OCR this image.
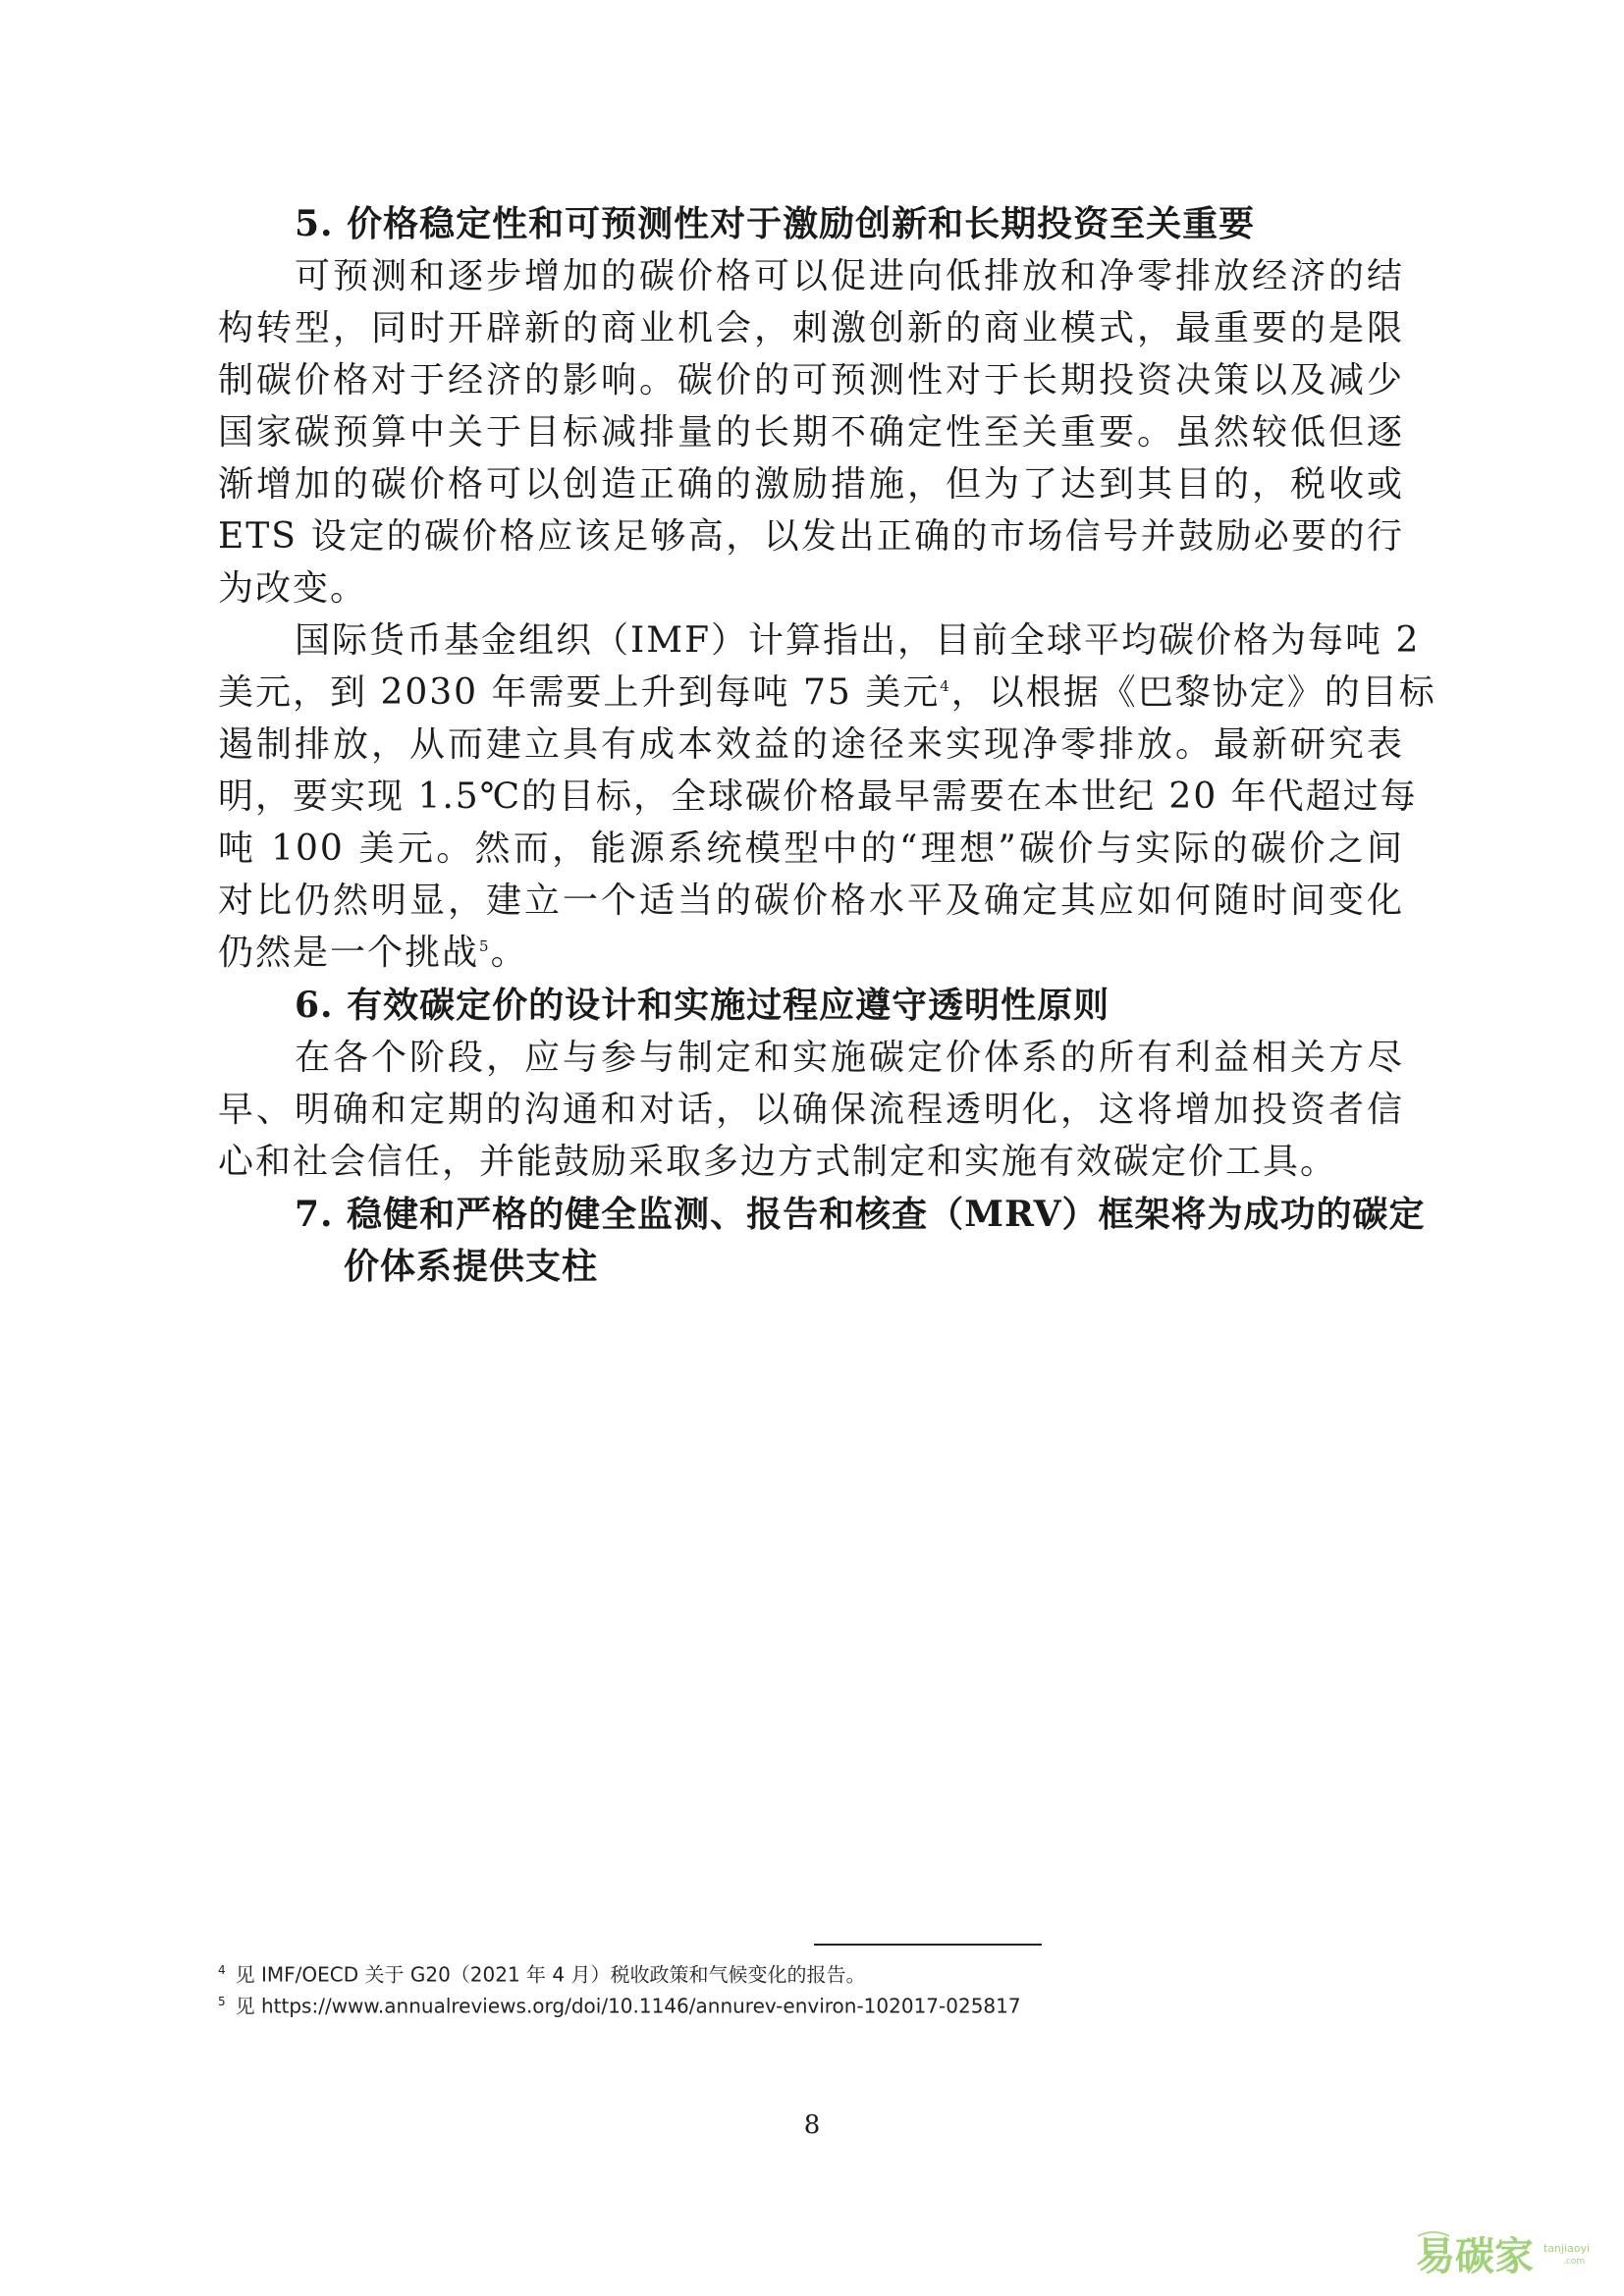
5. 价格稳定性和可预测性对于激励创新和长期投资至关重要
可预测和逐步增加的碳价格可以促进向低排放和净零排放经济的结
构转型，同时开辟新的商业机会，刺激创新的商业模式，最重要的是限
制碳价格对于经济的影响。碳价的可预测性对于长期投资决策以及减少
国家碳预算中关于目标减排量的长期不确定性至关重要。虽然较低但逐
渐增加的碳价格可以创造正确的激励措施，但为了达到其目的，税收或
ETS 设定的碳价格应该足够高，以发出正确的市场信号并鼓励必要的行
为改变。
国际货币基金组织（IMF）计算指出，目前全球平均碳价格为每吨 2
美元，到 2030 年需要上升到每吨 75 美元$^4$，以根据《巴黎协定》的目标
遏制排放，从而建立具有成本效益的途径来实现净零排放。最新研究表
明，要实现 1.5℃的目标，全球碳价格最早需要在本世纪 20 年代超过每
吨 100 美元。然而，能源系统模型中的“理想”碳价与实际的碳价之间
对比仍然明显，建立一个适当的碳价格水平及确定其应如何随时间变化
仍然是一个挑战$^5$。
6. 有效碳定价的设计和实施过程应遵守透明性原则
在各个阶段，应与参与制定和实施碳定价体系的所有利益相关方尽
早、明确和定期的沟通和对话，以确保流程透明化，这将增加投资者信
心和社会信任，并能鼓励采取多边方式制定和实施有效碳定价工具。
7. 稳健和严格的健全监测、报告和核查（MRV）框架将为成功的碳定
价体系提供支柱
$^4$ 见 IMF/OECD 关于 G20（2021 年 4 月）税收政策和气候变化的报告。
$^5$ 见 https://www.annualreviews.org/doi/10.1146/annurev-environ-102017-025817
8
易碳家 tanjiaoyi
.com
